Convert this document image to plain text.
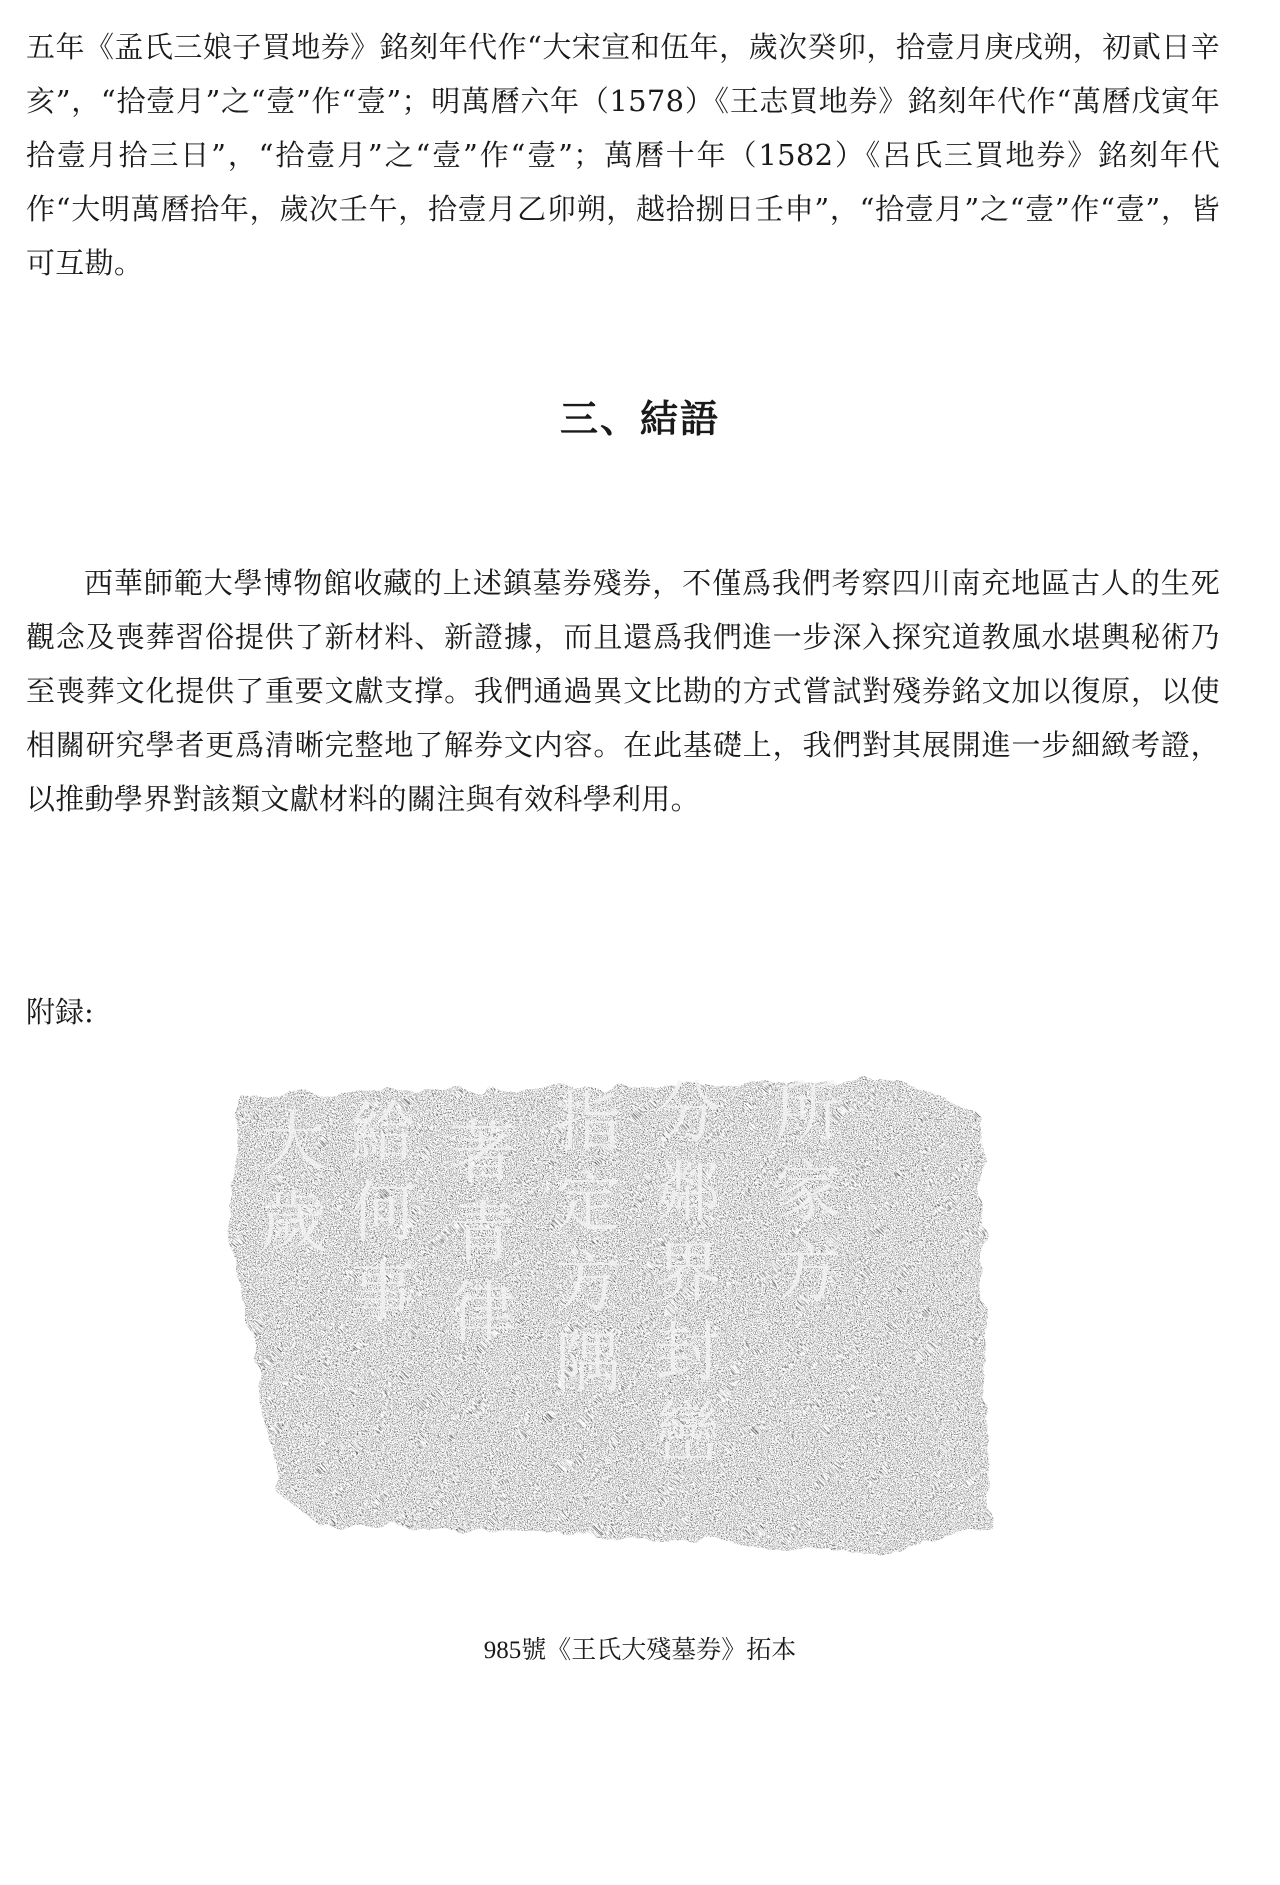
五年《孟氏三娘子買地券》銘刻年代作“大宋宣和伍年，歲次癸卯，拾壹月庚戌朔，初貳日辛亥”，“拾壹月”之“壹”作“壹”；明萬曆六年（1578）《王志買地券》銘刻年代作“萬曆戊寅年拾壹月拾三日”，“拾壹月”之“壹”作“壹”；萬曆十年（1582）《呂氏三買地券》銘刻年代作“大明萬曆拾年，歲次壬午，拾壹月乙卯朔，越拾捌日壬申”，“拾壹月”之“壹”作“壹”，皆可互勘。

三、結語

西華師範大學博物館收藏的上述鎮墓券殘券，不僅爲我們考察四川南充地區古人的生死觀念及喪葬習俗提供了新材料、新證據，而且還爲我們進一步深入探究道教風水堪輿秘術乃至喪葬文化提供了重要文獻支撑。我們通過異文比勘的方式嘗試對殘券銘文加以復原，以使相關研究學者更爲清晰完整地了解券文内容。在此基礎上，我們對其展開進一步細緻考證，以推動學界對該類文獻材料的關注與有效科學利用。

附録:

大
歲
給
何
事
著
青
律
指
定
方
隅
分
鄰
界
封
巒
所
家
方

985號《王氏大殘墓券》拓本
